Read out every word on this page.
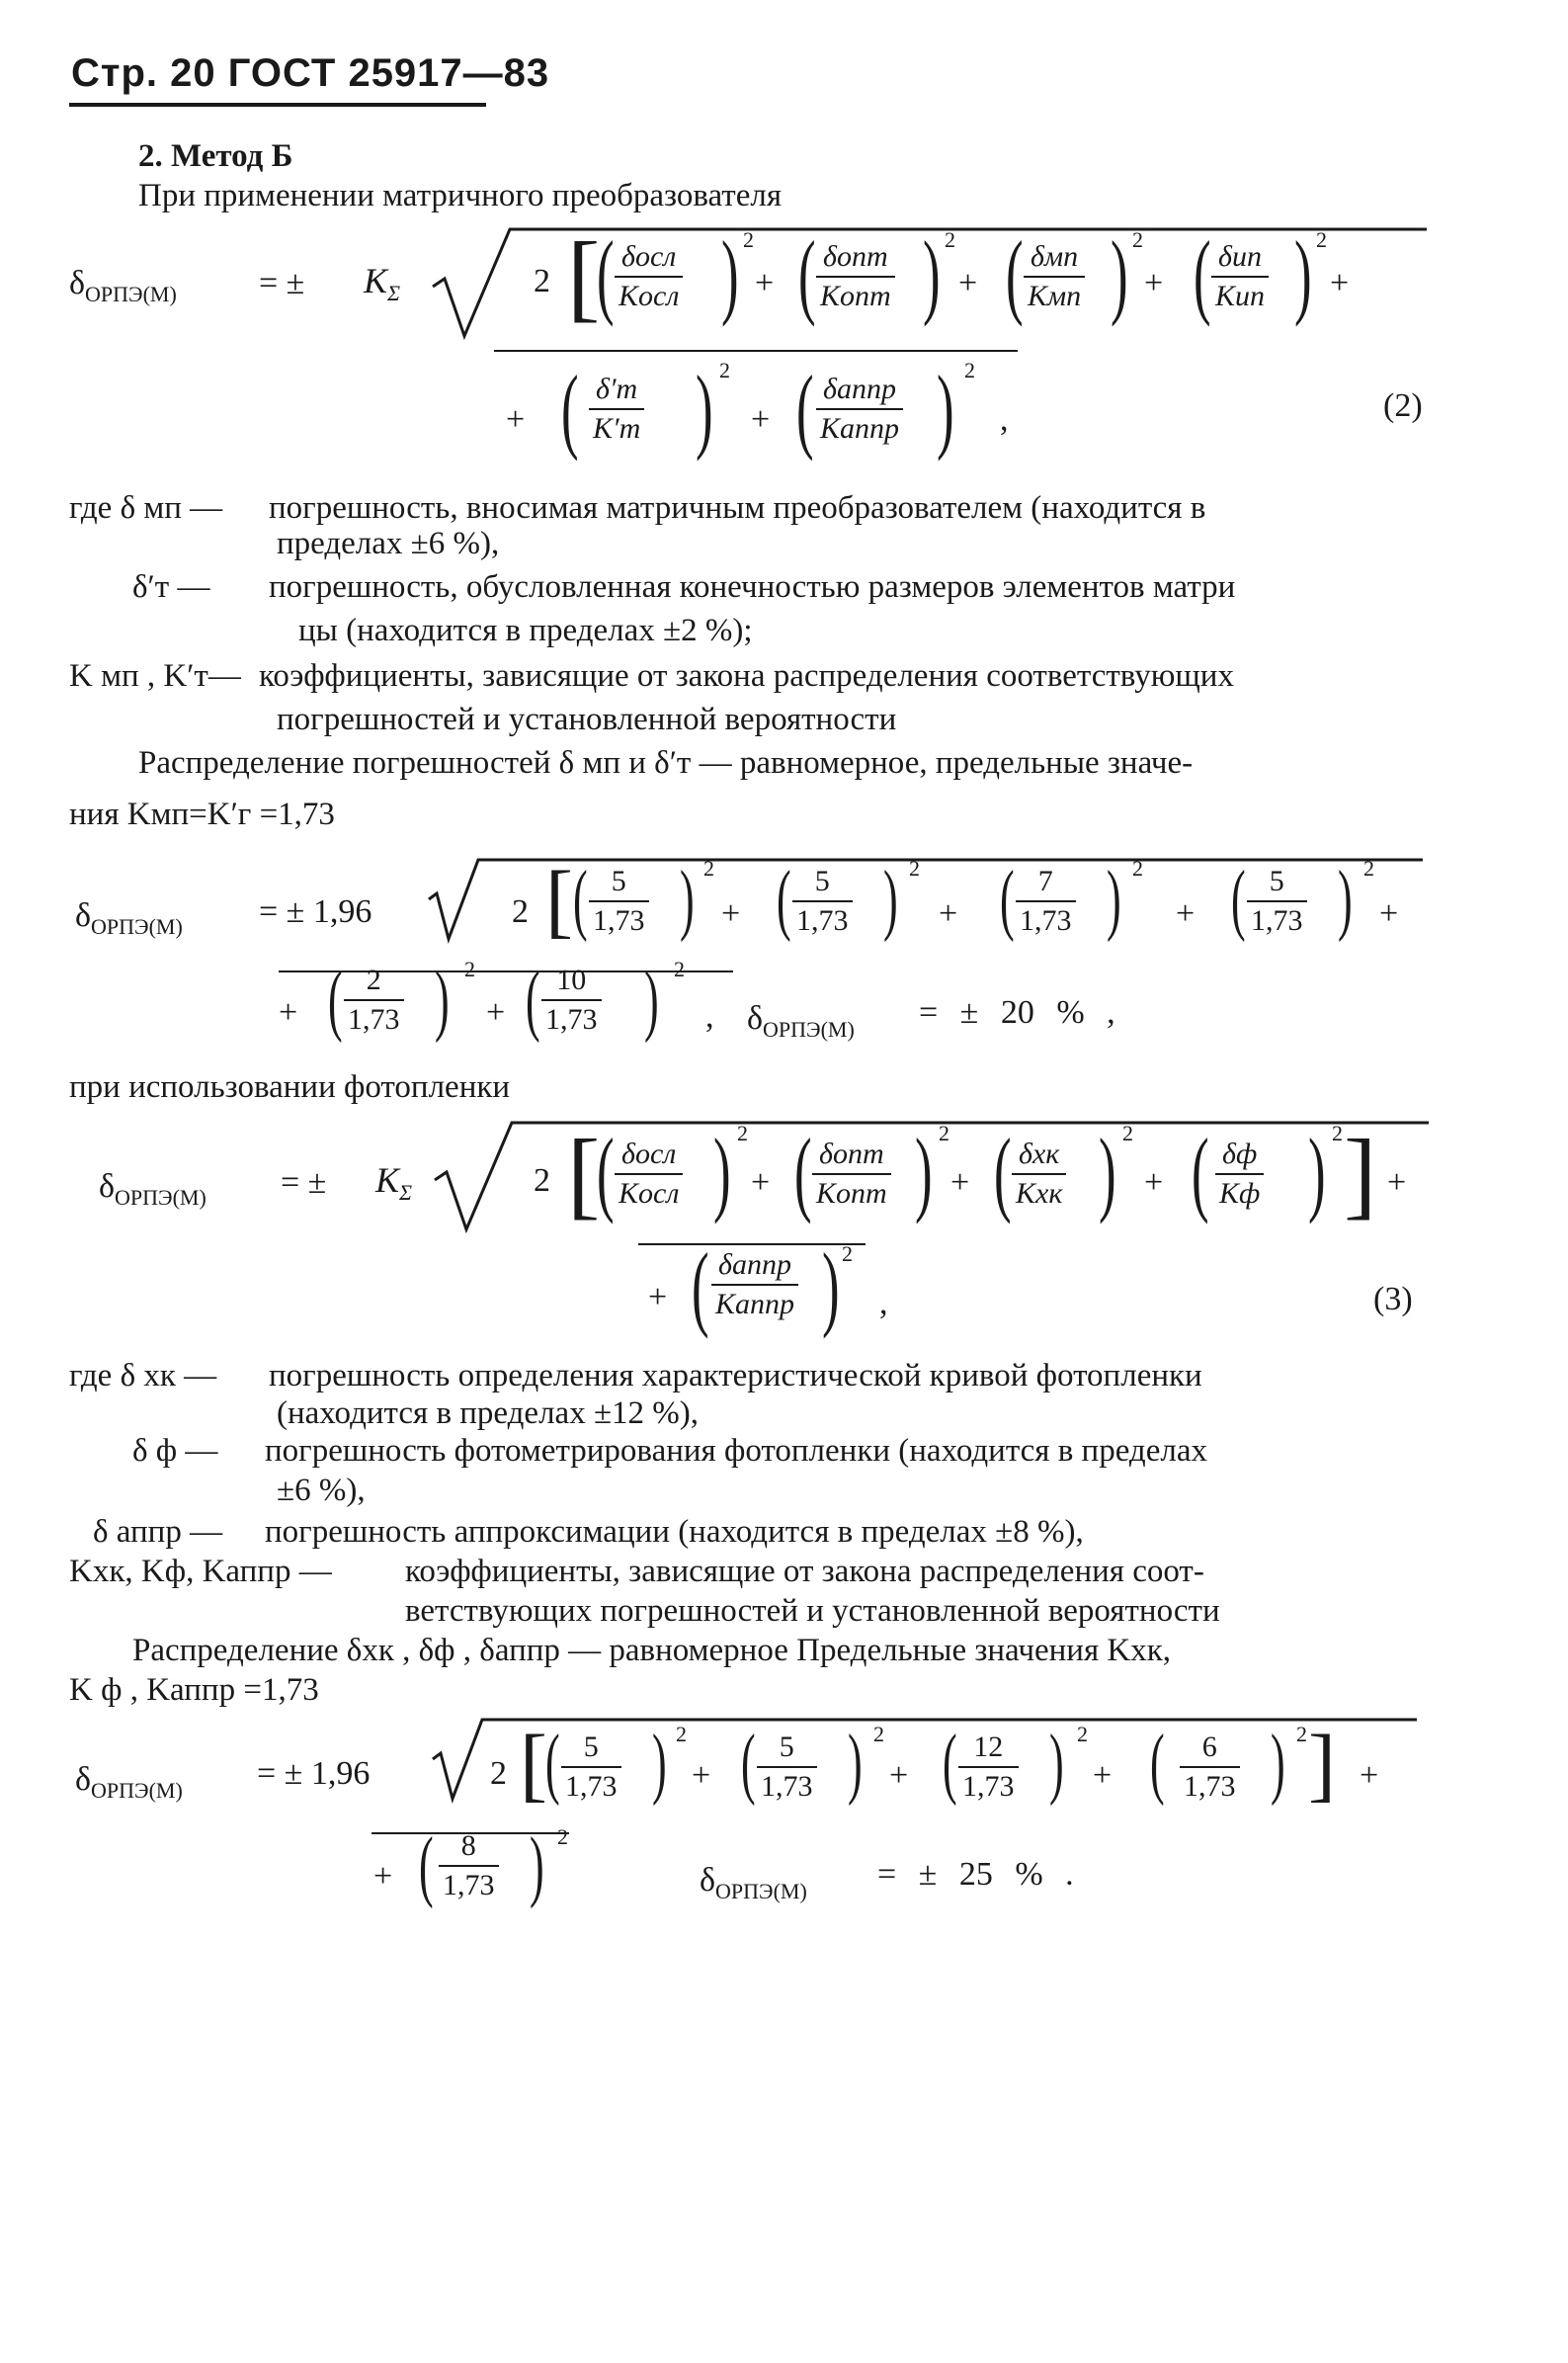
Стр. 20 ГОСТ 25917—83
2. Метод Б
При применении матричного преобразователя
$\delta_{ОРПЭ(М)}$ = ± $K_\Sigma$	2 [
( δосл
Kосл ) 2
+ ( δопт
Kопт ) 2
+ ( δмп
Kмп ) 2
+ ( δип
Kип ) 2
+
+ ( δ′т
K′т ) 2
+ ( δаппр
Kаппр ) 2
,	(2)
где δ мп — погрешность, вносимая матричным преобразователем (находится в
пределах ±6 %),
δ′т — погрешность, обусловленная конечностью размеров элементов матри
цы (находится в пределах ±2 %);
K мп , K′т— коэффициенты, зависящие от закона распределения соответствующих
погрешностей и установленной вероятности
Распределение погрешностей δ мп и δ′т — равномерное, предельные значе-
ния Kмп=K′г =1,73
$\delta_{ОРПЭ(М)}$ = ± 1,96	2 [ ( 5
1,73 ) 2
+ ( 5
1,73 ) 2
+ ( 7
1,73 ) 2
+ ( 5
1,73 ) 2
+
+ ( 2
1,73 ) 2
+ ( 10
1,73 ) 2
, $\delta_{ОРПЭ(М)}$ = ± 20 % ,
при использовании фотопленки
$\delta_{ОРПЭ(М)}$ = ± $K_\Sigma$	2 [
( δосл
Kосл ) 2
+ ( δопт
Kопт ) 2
+ ( δхк
Kхк ) 2
+ ( δф
Kф ) 2 ] +
+ ( δаппр
Kаппр ) 2
,	(3)
где δ хк — погрешность определения характеристической кривой фотопленки
(находится в пределах ±12 %),
δ ф — погрешность фотометрирования фотопленки (находится в пределах
±6 %),
δ аппр — погрешность аппроксимации (находится в пределах ±8 %),
Kхк, Kф, Kаппр — коэффициенты, зависящие от закона распределения соот-
ветствующих погрешностей и установленной вероятности
Распределение δхк , δф , δаппр — равномерное Предельные значения Kхк,
K ф , Kаппр =1,73
$\delta_{ОРПЭ(М)}$ = ± 1,96	2 [
( 5
1,73 ) 2
+ ( 5
1,73 ) 2
+ ( 12
1,73 ) 2
+ ( 6
1,73 ) 2 ] +
+ ( 8
1,73 ) 2
$\delta_{ОРПЭ(М)}$ = ± 25 % .
